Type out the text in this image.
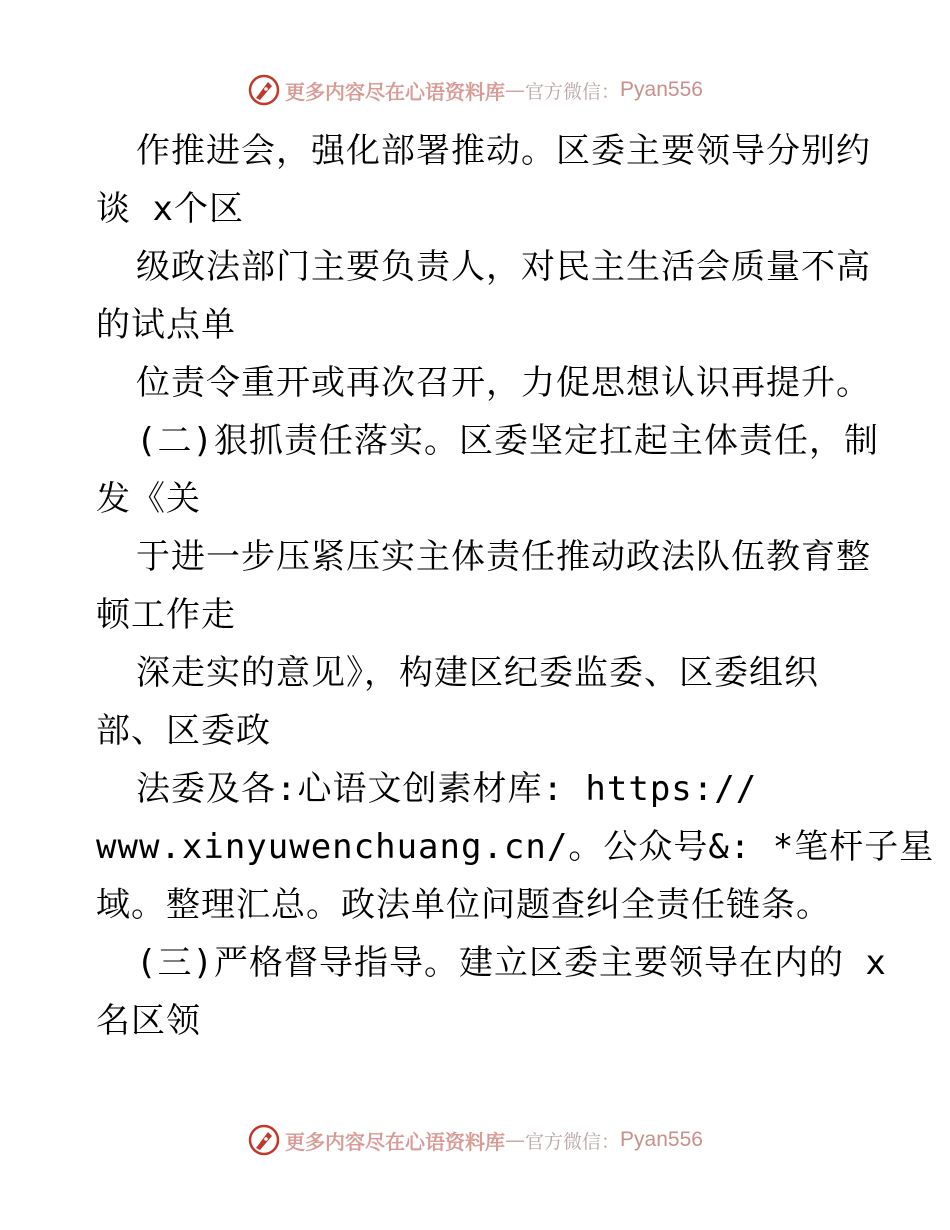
更多内容尽在心语资料库 — 官方微信： Pyan556
作推进会，强化部署推动。区委主要领导分别约
谈 x个区
级政法部门主要负责人，对民主生活会质量不高
的试点单
位责令重开或再次召开，力促思想认识再提升。
(二)狠抓责任落实。区委坚定扛起主体责任，制
发《关
于进一步压紧压实主体责任推动政法队伍教育整
顿工作走
深走实的意见》，构建区纪委监委、区委组织
部、区委政
法委及各:心语文创素材库: https://
www.xinyuwenchuang.cn/。公众号&: *笔杆子星
域。整理汇总。政法单位问题查纠全责任链条。
(三)严格督导指导。建立区委主要领导在内的 x
名区领
更多内容尽在心语资料库 — 官方微信： Pyan556
